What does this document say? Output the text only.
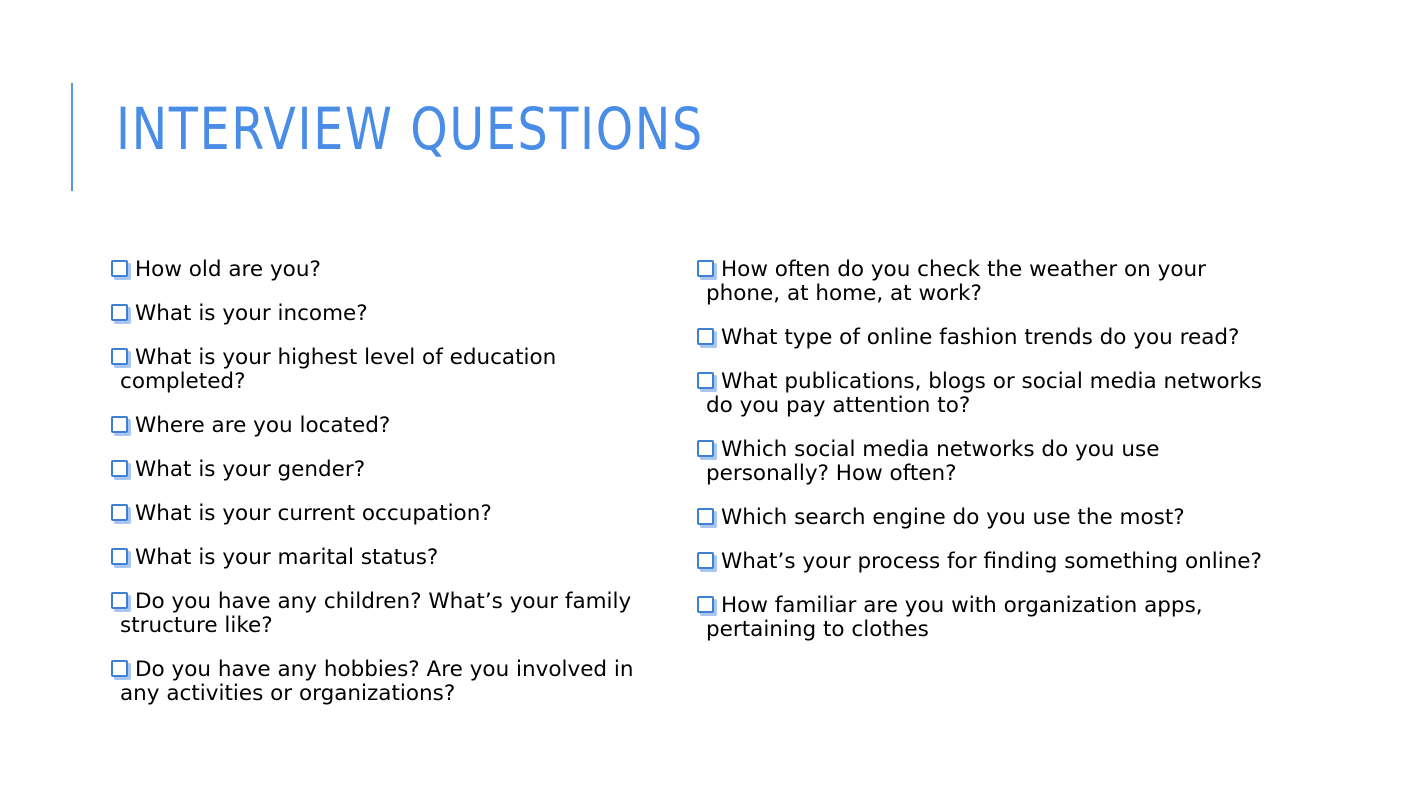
INTERVIEW QUESTIONS
How old are you?
What is your income?
What is your highest level of education completed?
Where are you located?
What is your gender?
What is your current occupation?
What is your marital status?
Do you have any children? What’s your family structure like?
Do you have any hobbies? Are you involved in any activities or organizations?
How often do you check the weather on your phone, at home, at work?
What type of online fashion trends do you read?
What publications, blogs or social media networks do you pay attention to?
Which social media networks do you use personally? How often?
Which search engine do you use the most?
What’s your process for finding something online?
How familiar are you with organization apps, pertaining to clothes
